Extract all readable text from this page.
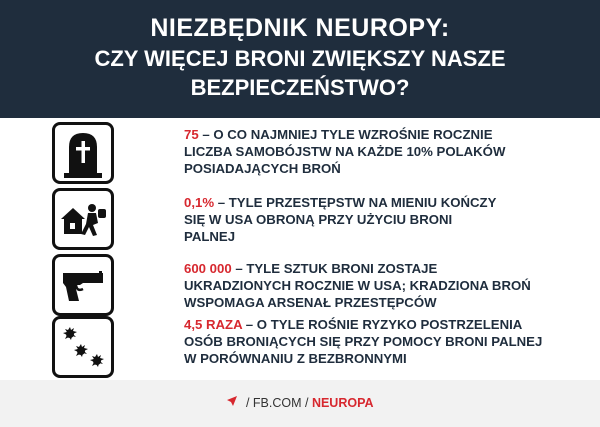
NIEZBĘDNIK NEUROPY:
CZY WIĘCEJ BRONI ZWIĘKSZY NASZE
BEZPIECZEŃSTWO?
75 – O CO NAJMNIEJ TYLE WZROŚNIE ROCZNIE
LICZBA SAMOBÓJSTW NA KAŻDE 10% POLAKÓW
POSIADAJĄCYCH BROŃ
0,1% – TYLE PRZESTĘPSTW NA MIENIU KOŃCZY
SIĘ W USA OBRONĄ PRZY UŻYCIU BRONI
PALNEJ
600 000 – TYLE SZTUK BRONI ZOSTAJE
UKRADZIONYCH ROCZNIE W USA; KRADZIONA BROŃ
WSPOMAGA ARSENAŁ PRZESTĘPCÓW
4,5 RAZA – O TYLE ROŚNIE RYZYKO POSTRZELENIA
OSÓB BRONIĄCYCH SIĘ PRZY POMOCY BRONI PALNEJ
W PORÓWNANIU Z BEZBRONNYMI
/ FB.COM / NEUROPA
